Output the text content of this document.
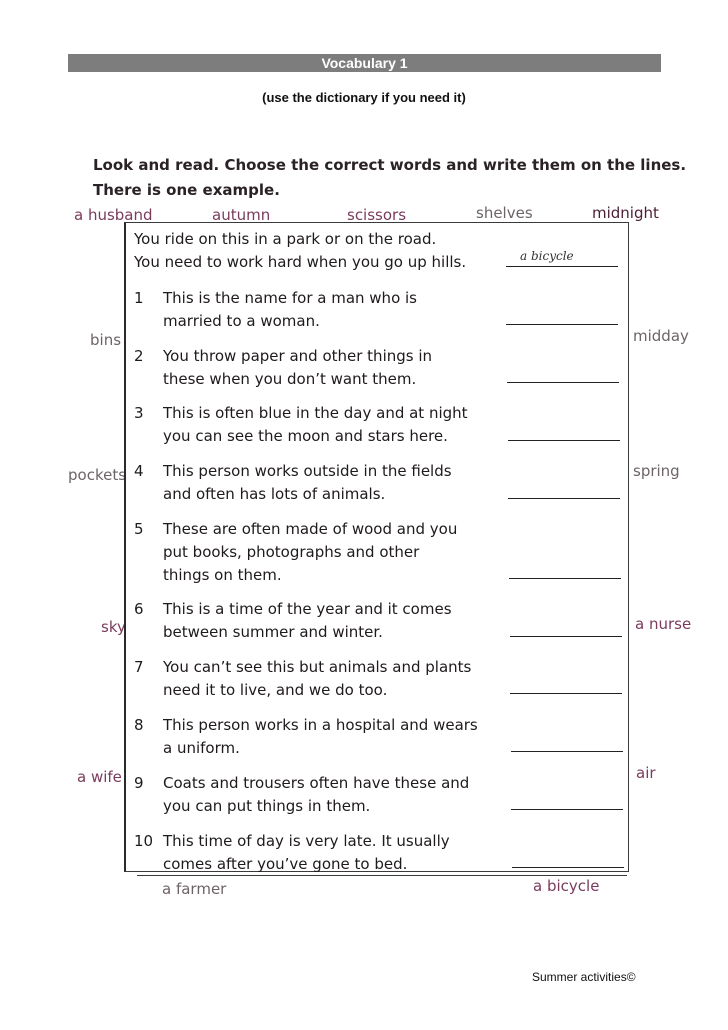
Vocabulary 1
(use the dictionary if you need it)
Look and read. Choose the correct words and write them on the lines.
There is one example.
a husband	autumn	scissors	shelves	midnight
bins	midday
pockets	spring
sky	a nurse
a wife	air
a farmer	a bicycle
You ride on this in a park or on the road.
You need to work hard when you go up hills.	a bicycle
1 This is the name for a man who is
married to a woman.
2 You throw paper and other things in
these when you don’t want them.
3 This is often blue in the day and at night
you can see the moon and stars here.
4 This person works outside in the fields
and often has lots of animals.
5 These are often made of wood and you
put books, photographs and other
things on them.
6 This is a time of the year and it comes
between summer and winter.
7 You can’t see this but animals and plants
need it to live, and we do too.
8 This person works in a hospital and wears
a uniform.
9 Coats and trousers often have these and
you can put things in them.
10 This time of day is very late. It usually
comes after you’ve gone to bed.
Summer activities©
